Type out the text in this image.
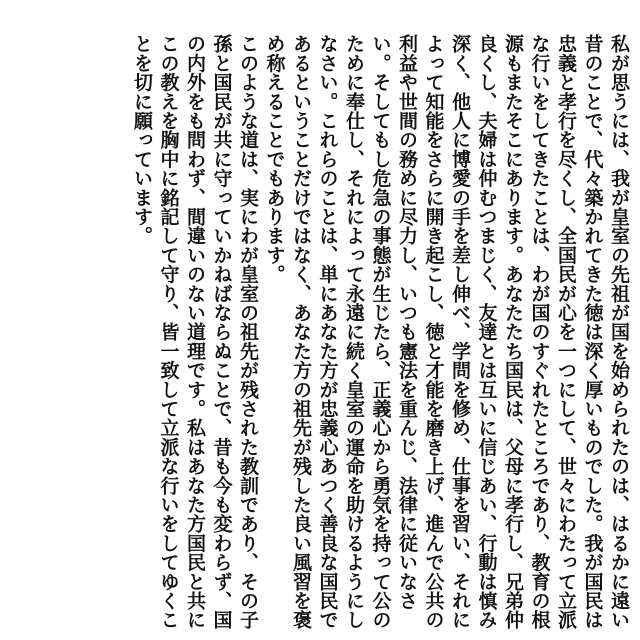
私が思うには、我が皇室の先祖が国を始められたのは、はるかに遠い昔のことで、代々築かれてきた徳は深く厚いものでした。我が国民は忠義と孝行を尽くし、全国民が心を一つにして、世々にわたって立派な行いをしてきたことは、わが国のすぐれたところであり、教育の根源もまたそこにあります。あなたたち国民は、父母に孝行し、兄弟仲良くし、夫婦は仲むつまじく、友達とは互いに信じあい、行動は慎み深く、他人に博愛の手を差し伸べ、学問を修め、仕事を習い、それによって知能をさらに開き起こし、徳と才能を磨き上げ、進んで公共の利益や世間の務めに尽力し、いつも憲法を重んじ、法律に従いなさい。そしてもし危急の事態が生じたら、正義心から勇気を持って公のために奉仕し、それによって永遠に続く皇室の運命を助けるようにしなさい。これらのことは、単にあなた方が忠義心あつく善良な国民であるということだけではなく、あなた方の祖先が残した良い風習を褒め称えることでもあります。

このような道は、実にわが皇室の祖先が残された教訓であり、その子孫と国民が共に守っていかねばならぬことで、昔も今も変わらず、国の内外をも問わず、間違いのない道理です。私はあなた方国民と共にこの教えを胸中に銘記して守り、皆一致して立派な行いをしてゆくことを切に願っています。
